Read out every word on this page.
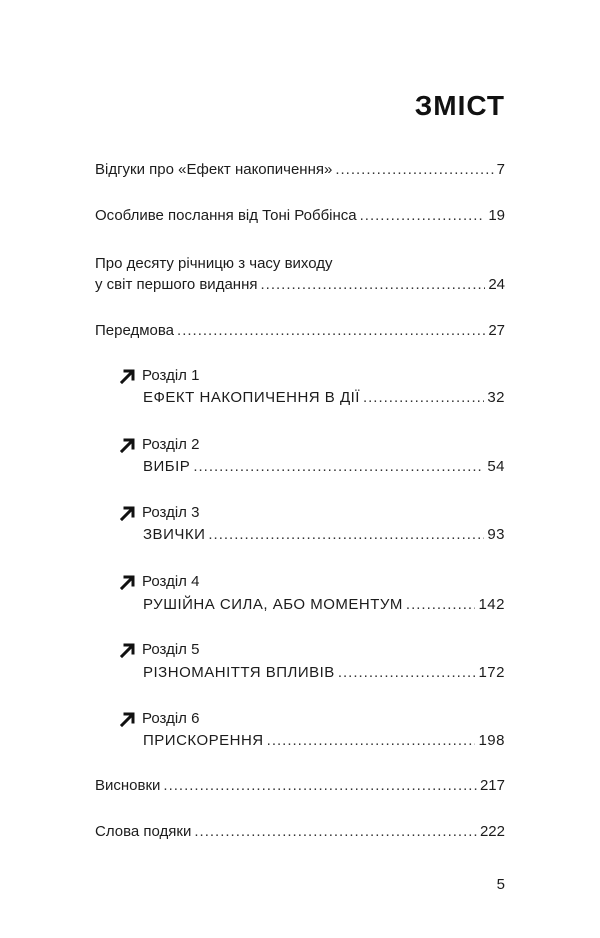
ЗМІСТ
Відгуки про «Ефект накопичення» .....	7
Особливе послання від Тоні Роббінса .....	19
Про десяту річницю з часу виходу
у світ першого видання .....	24
Передмова .....	27
Розділ 1
ЕФЕКТ НАКОПИЧЕННЯ В ДІЇ .....	32
Розділ 2
ВИБІР .....	54
Розділ 3
ЗВИЧКИ .....	93
Розділ 4
РУШІЙНА СИЛА, АБО МОМЕНТУМ .....	142
Розділ 5
РІЗНОМАНІТТЯ ВПЛИВІВ .....	172
Розділ 6
ПРИСКОРЕННЯ .....	198
Висновки .....	217
Слова подяки .....	222
5
